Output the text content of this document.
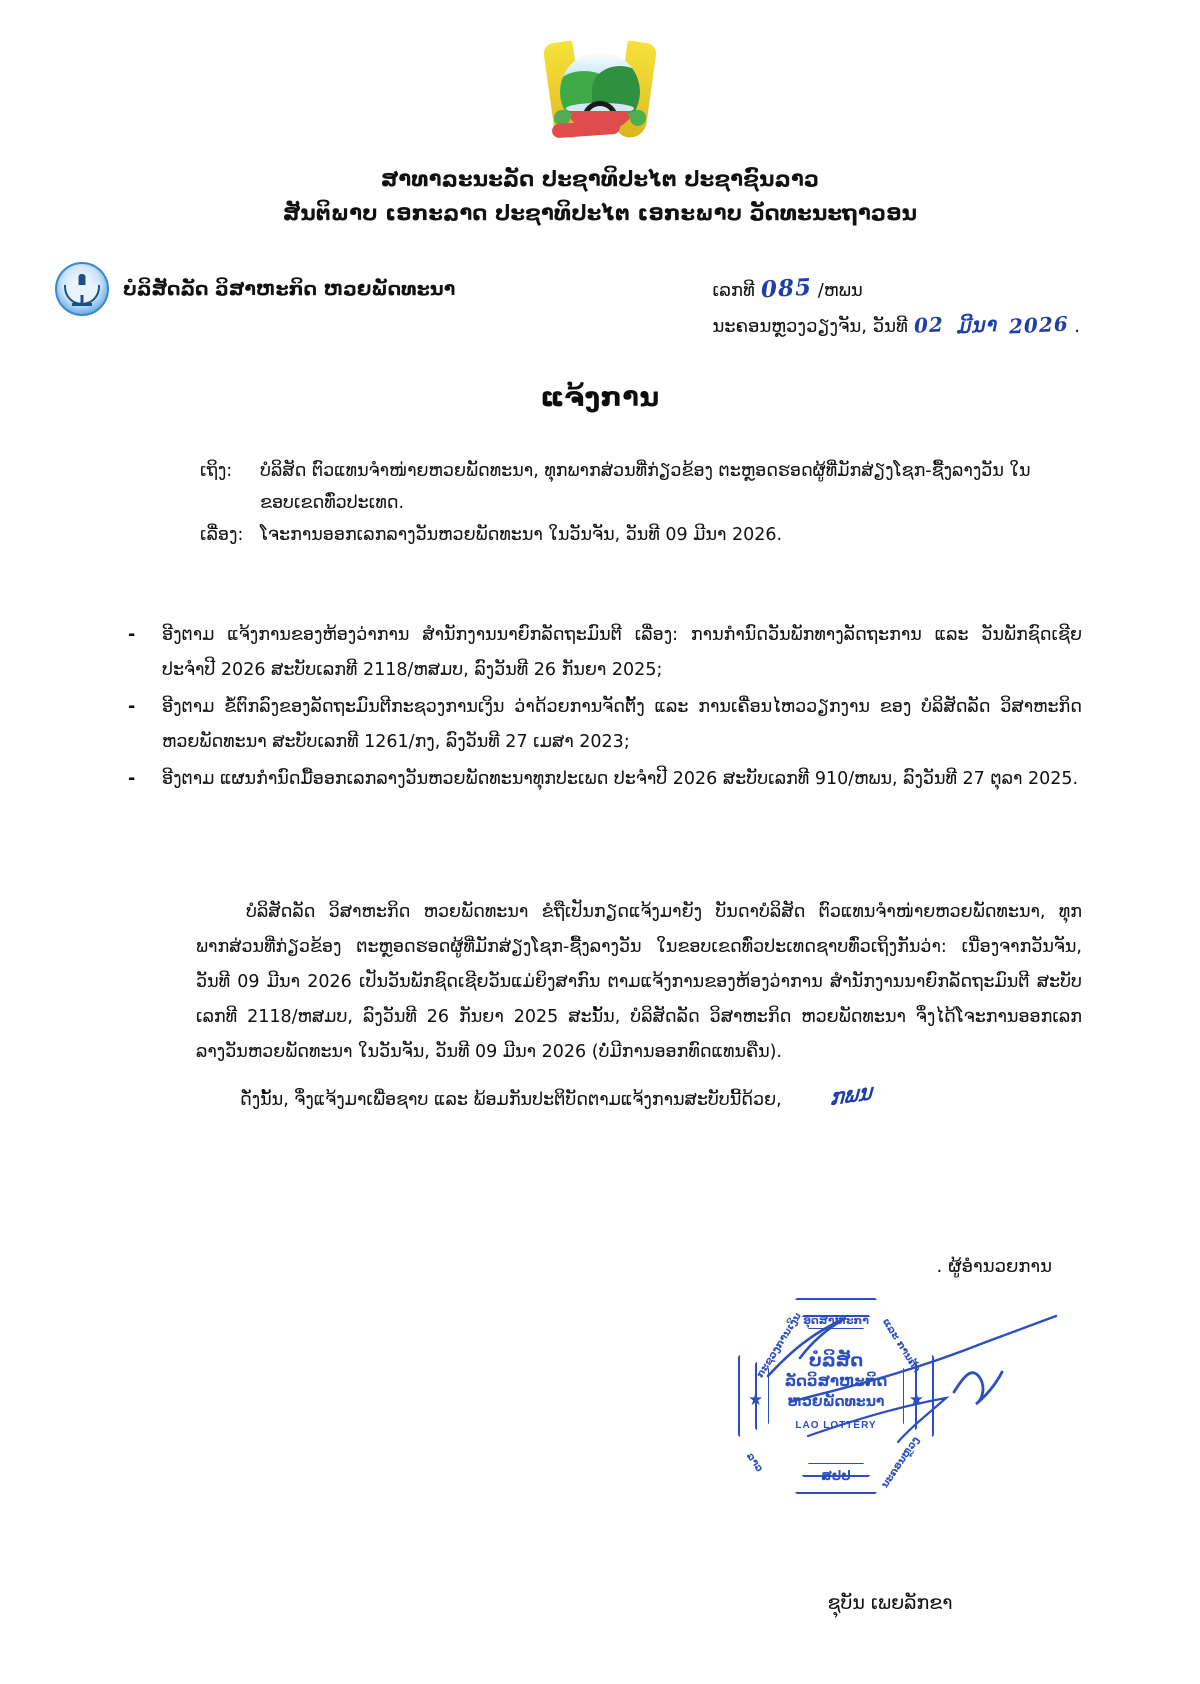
ສາທາລະນະລັດ ປະຊາທິປະໄຕ ປະຊາຊົນລາວ
ສັນຕິພາບ ເອກະລາດ ປະຊາທິປະໄຕ ເອກະພາບ ວັດທະນະຖາວອນ
ບໍລິສັດລັດ ວິສາຫະກິດ ຫວຍພັດທະນາ	ເລກທີ 085 /ຫພນ
ນະຄອນຫຼວງວຽງຈັນ, ວັນທີ 02 ມີນາ 2026 .
ແຈ້ງການ
ເຖິງ:	ບໍລິສັດ ຕົວແທນຈຳໜ່າຍຫວຍພັດທະນາ, ທຸກພາກສ່ວນທີ່ກ່ຽວຂ້ອງ ຕະຫຼອດຮອດຜູ້ທີ່ມັກສ່ຽງໂຊກ-ຊື້ງລາງວັນ ໃນຂອບເຂດທົ່ວປະເທດ.
ເລື່ອງ: ໂຈະການອອກເລກລາງວັນຫວຍພັດທະນາ ໃນວັນຈັນ, ວັນທີ 09 ມີນາ 2026.
-	ອີງຕາມ ແຈ້ງການຂອງຫ້ອງວ່າການ ສຳນັກງານນາຍົກລັດຖະມົນຕີ ເລື່ອງ: ການກຳນົດວັນພັກທາງລັດຖະການ ແລະ ວັນພັກຊົດເຊີຍ ປະຈຳປີ 2026 ສະບັບເລກທີ 2118/ຫສມບ, ລົງວັນທີ 26 ກັນຍາ 2025;
-	ອີງຕາມ ຂໍ້ຕົກລົງຂອງລັດຖະມົນຕີກະຊວງການເງິນ ວ່າດ້ວຍການຈັດຕັ້ງ ແລະ ການເຄື່ອນໄຫວວຽກງານ ຂອງ ບໍລິສັດລັດ ວິສາຫະກິດ ຫວຍພັດທະນາ ສະບັບເລກທີ 1261/ກງ, ລົງວັນທີ 27 ເມສາ 2023;
-	ອີງຕາມ ແຜນກຳນົດມື້ອອກເລກລາງວັນຫວຍພັດທະນາທຸກປະເພດ ປະຈຳປີ 2026 ສະບັບເລກທີ 910/ຫພນ, ລົງວັນທີ 27 ຕຸລາ 2025.

ບໍລິສັດລັດ ວິສາຫະກິດ ຫວຍພັດທະນາ ຂໍຖືເປັນກຽດແຈ້ງມາຍັງ ບັນດາບໍລິສັດ ຕົວແທນຈຳໜ່າຍຫວຍພັດທະນາ, ທຸກພາກສ່ວນທີ່ກ່ຽວຂ້ອງ ຕະຫຼອດຮອດຜູ້ທີ່ມັກສ່ຽງໂຊກ-ຊື້ງລາງວັນ ໃນຂອບເຂດທົ່ວປະເທດຊາບທົ່ວເຖິງກັນວ່າ: ເນື່ອງຈາກວັນຈັນ, ວັນທີ 09 ມີນາ 2026 ເປັນວັນພັກຊົດເຊີຍວັນແມ່ຍິງສາກົນ ຕາມແຈ້ງການຂອງຫ້ອງວ່າການ ສຳນັກງານນາຍົກລັດຖະມົນຕີ ສະບັບເລກທີ 2118/ຫສມບ, ລົງວັນທີ 26 ກັນຍາ 2025 ສະນັ້ນ, ບໍລິສັດລັດ ວິສາຫະກິດ ຫວຍພັດທະນາ ຈຶ່ງໄດ້ໂຈະການອອກເລກລາງວັນຫວຍພັດທະນາ ໃນວັນຈັນ, ວັນທີ 09 ມີນາ 2026 (ບໍ່ມີການອອກທົດແທນຄືນ).

ດັ່ງນັ້ນ, ຈຶ່ງແຈ້ງມາເພື່ອຊາບ ແລະ ພ້ອມກັນປະຕິບັດຕາມແຈ້ງການສະບັບນີ້ດ້ວຍ, ກພນ

. ຜູ້ອຳນວຍການ
ອຸດສາຫະກຳ
ກະຊວງການເງິນ	ແລະ ການຄ້າ
★	★
ບໍລິສັດ
ລັດວິສາຫະກິດ
ຫວຍພັດທະນາ
LAO LOTTERY
ສປປ
ລາວ	ນະຄອນຫຼວງ
ຊຸບັນ ເພຍລັກຂາ
